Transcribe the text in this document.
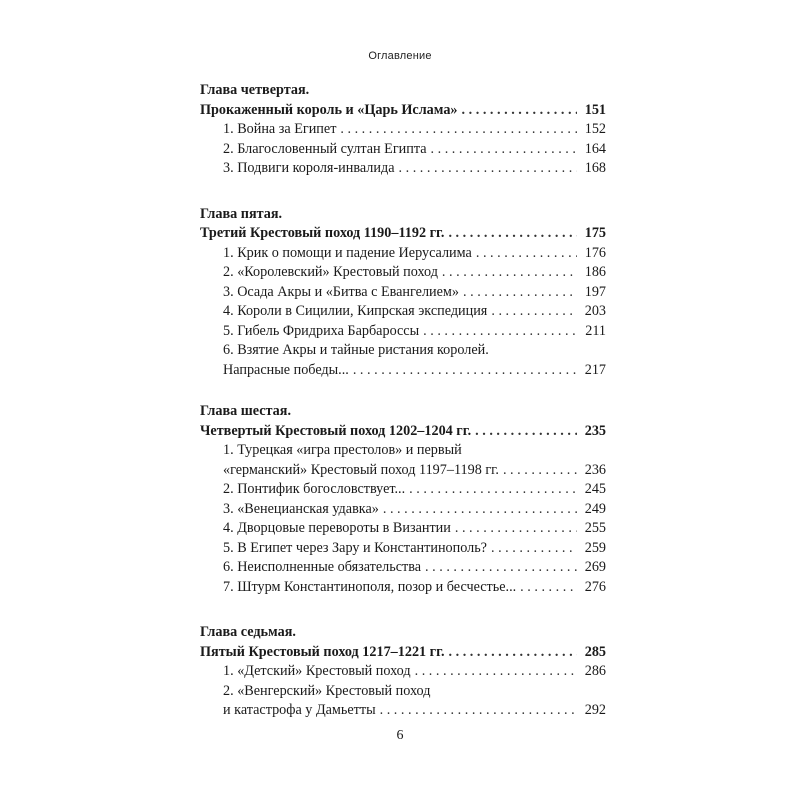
Оглавление
Глава четвертая.
Прокаженный король и «Царь Ислама» . . .	151
1. Война за Египет . . .	152
2. Благословенный султан Египта . . .	164
3. Подвиги короля-инвалида . . .	168
Глава пятая.
Третий Крестовый поход 1190–1192 гг. . . .	175
1. Крик о помощи и падение Иерусалима . . .	176
2. «Королевский» Крестовый поход . . .	186
3. Осада Акры и «Битва с Евангелием» . . .	197
4. Короли в Сицилии, Кипрская экспедиция . . .	203
5. Гибель Фридриха Барбароссы . . .	211
6. Взятие Акры и тайные ристания королей.
Напрасные победы... . . .	217
Глава шестая.
Четвертый Крестовый поход 1202–1204 гг. . . .	235
1. Турецкая «игра престолов» и первый
«германский» Крестовый поход 1197–1198 гг. . . .	236
2. Понтифик богословствует... . . .	245
3. «Венецианская удавка» . . .	249
4. Дворцовые перевороты в Византии . . .	255
5. В Египет через Зару и Константинополь? . . .	259
6. Неисполненные обязательства . . .	269
7. Штурм Константинополя, позор и бесчестье... . . .	276
Глава седьмая.
Пятый Крестовый поход 1217–1221 гг. . . .	285
1. «Детский» Крестовый поход . . .	286
2. «Венгерский» Крестовый поход
и катастрофа у Дамьетты . . .	292
6
